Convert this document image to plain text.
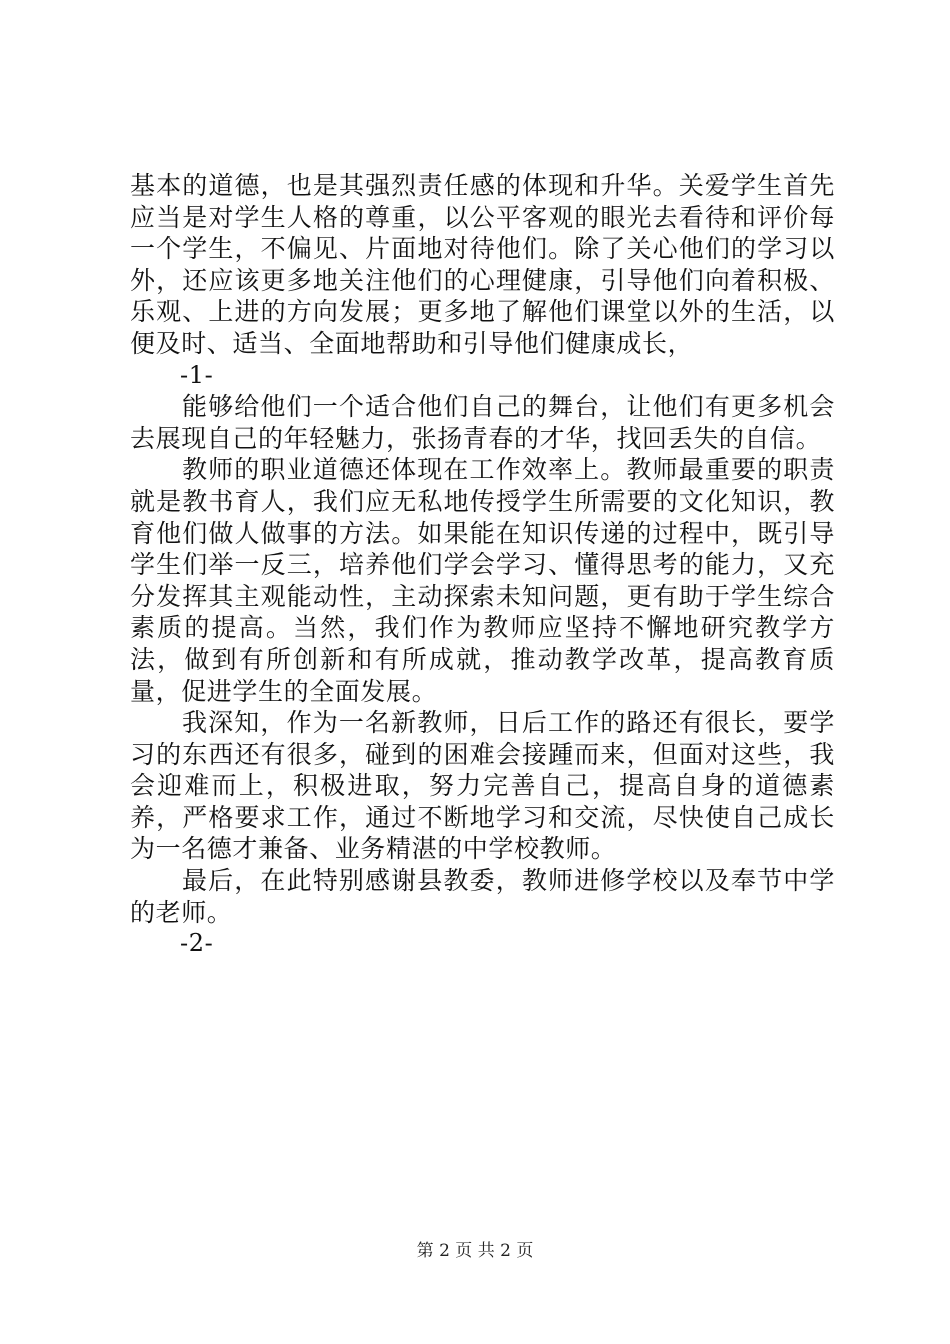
基本的道德，也是其强烈责任感的体现和升华。关爱学生首先应当是对学生人格的尊重，以公平客观的眼光去看待和评价每一个学生，不偏见、片面地对待他们。除了关心他们的学习以外，还应该更多地关注他们的心理健康，引导他们向着积极、乐观、上进的方向发展；更多地了解他们课堂以外的生活，以便及时、适当、全面地帮助和引导他们健康成长，

-1-

能够给他们一个适合他们自己的舞台，让他们有更多机会去展现自己的年轻魅力，张扬青春的才华，找回丢失的自信。

教师的职业道德还体现在工作效率上。教师最重要的职责就是教书育人，我们应无私地传授学生所需要的文化知识，教育他们做人做事的方法。如果能在知识传递的过程中，既引导学生们举一反三，培养他们学会学习、懂得思考的能力，又充分发挥其主观能动性，主动探索未知问题，更有助于学生综合素质的提高。当然，我们作为教师应坚持不懈地研究教学方法，做到有所创新和有所成就，推动教学改革，提高教育质量，促进学生的全面发展。

我深知，作为一名新教师，日后工作的路还有很长，要学习的东西还有很多，碰到的困难会接踵而来，但面对这些，我会迎难而上，积极进取，努力完善自己，提高自身的道德素养，严格要求工作，通过不断地学习和交流，尽快使自己成长为一名德才兼备、业务精湛的中学校教师。

最后，在此特别感谢县教委，教师进修学校以及奉节中学的老师。

-2-

第 2 页 共 2 页
